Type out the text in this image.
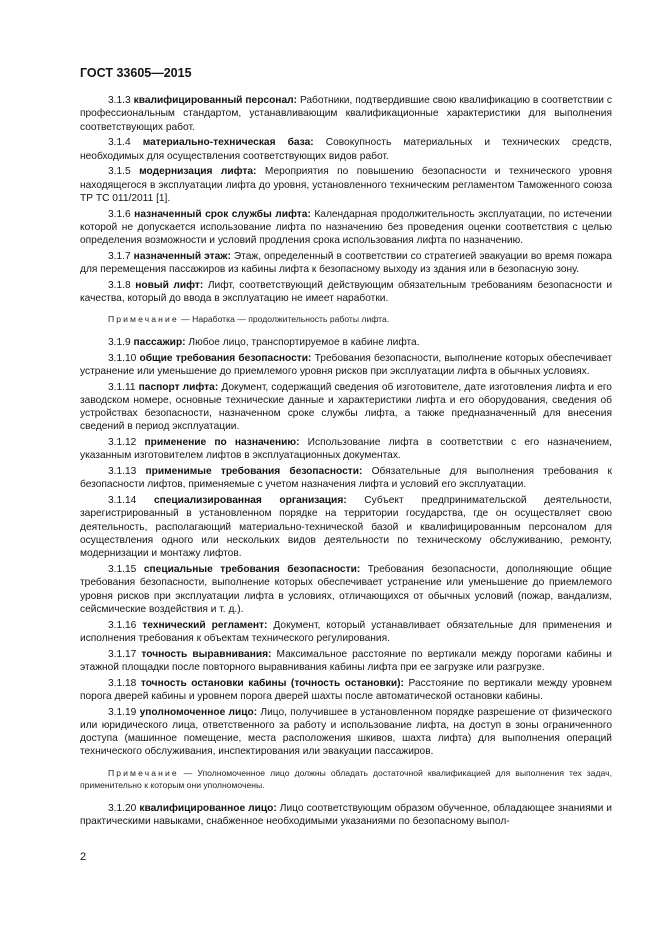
ГОСТ 33605—2015

3.1.3 квалифицированный персонал: Работники, подтвердившие свою квалификацию в соответствии с профессиональным стандартом, устанавливающим квалификационные характеристики для выполнения соответствующих работ.

3.1.4 материально-техническая база: Совокупность материальных и технических средств, необходимых для осуществления соответствующих видов работ.

3.1.5 модернизация лифта: Мероприятия по повышению безопасности и технического уровня находящегося в эксплуатации лифта до уровня, установленного техническим регламентом Таможенного союза ТР ТС 011/2011 [1].

3.1.6 назначенный срок службы лифта: Календарная продолжительность эксплуатации, по истечении которой не допускается использование лифта по назначению без проведения оценки соответствия с целью определения возможности и условий продления срока использования лифта по назначению.

3.1.7 назначенный этаж: Этаж, определенный в соответствии со стратегией эвакуации во время пожара для перемещения пассажиров из кабины лифта к безопасному выходу из здания или в безопасную зону.

3.1.8 новый лифт: Лифт, соответствующий действующим обязательным требованиям безопасности и качества, который до ввода в эксплуатацию не имеет наработки.

Примечание — Наработка — продолжительность работы лифта.

3.1.9 пассажир: Любое лицо, транспортируемое в кабине лифта.

3.1.10 общие требования безопасности: Требования безопасности, выполнение которых обеспечивает устранение или уменьшение до приемлемого уровня рисков при эксплуатации лифта в обычных условиях.

3.1.11 паспорт лифта: Документ, содержащий сведения об изготовителе, дате изготовления лифта и его заводском номере, основные технические данные и характеристики лифта и его оборудования, сведения об устройствах безопасности, назначенном сроке службы лифта, а также предназначенный для внесения сведений в период эксплуатации.

3.1.12 применение по назначению: Использование лифта в соответствии с его назначением, указанным изготовителем лифтов в эксплуатационных документах.

3.1.13 применимые требования безопасности: Обязательные для выполнения требования к безопасности лифтов, применяемые с учетом назначения лифта и условий его эксплуатации.

3.1.14 специализированная организация: Субъект предпринимательской деятельности, зарегистрированный в установленном порядке на территории государства, где он осуществляет свою деятельность, располагающий материально-технической базой и квалифицированным персоналом для осуществления одного или нескольких видов деятельности по техническому обслуживанию, ремонту, модернизации и монтажу лифтов.

3.1.15 специальные требования безопасности: Требования безопасности, дополняющие общие требования безопасности, выполнение которых обеспечивает устранение или уменьшение до приемлемого уровня рисков при эксплуатации лифта в условиях, отличающихся от обычных условий (пожар, вандализм, сейсмические воздействия и т. д.).

3.1.16 технический регламент: Документ, который устанавливает обязательные для применения и исполнения требования к объектам технического регулирования.

3.1.17 точность выравнивания: Максимальное расстояние по вертикали между порогами кабины и этажной площадки после повторного выравнивания кабины лифта при ее загрузке или разгрузке.

3.1.18 точность остановки кабины (точность остановки): Расстояние по вертикали между уровнем порога дверей кабины и уровнем порога дверей шахты после автоматической остановки кабины.

3.1.19 уполномоченное лицо: Лицо, получившее в установленном порядке разрешение от физического или юридического лица, ответственного за работу и использование лифта, на доступ в зоны ограниченного доступа (машинное помещение, места расположения шкивов, шахта лифта) для выполнения операций технического обслуживания, инспектирования или эвакуации пассажиров.

Примечание — Уполномоченное лицо должны обладать достаточной квалификацией для выполнения тех задач, применительно к которым они уполномочены.

3.1.20 квалифицированное лицо: Лицо соответствующим образом обученное, обладающее знаниями и практическими навыками, снабженное необходимыми указаниями по безопасному выпол-

2
